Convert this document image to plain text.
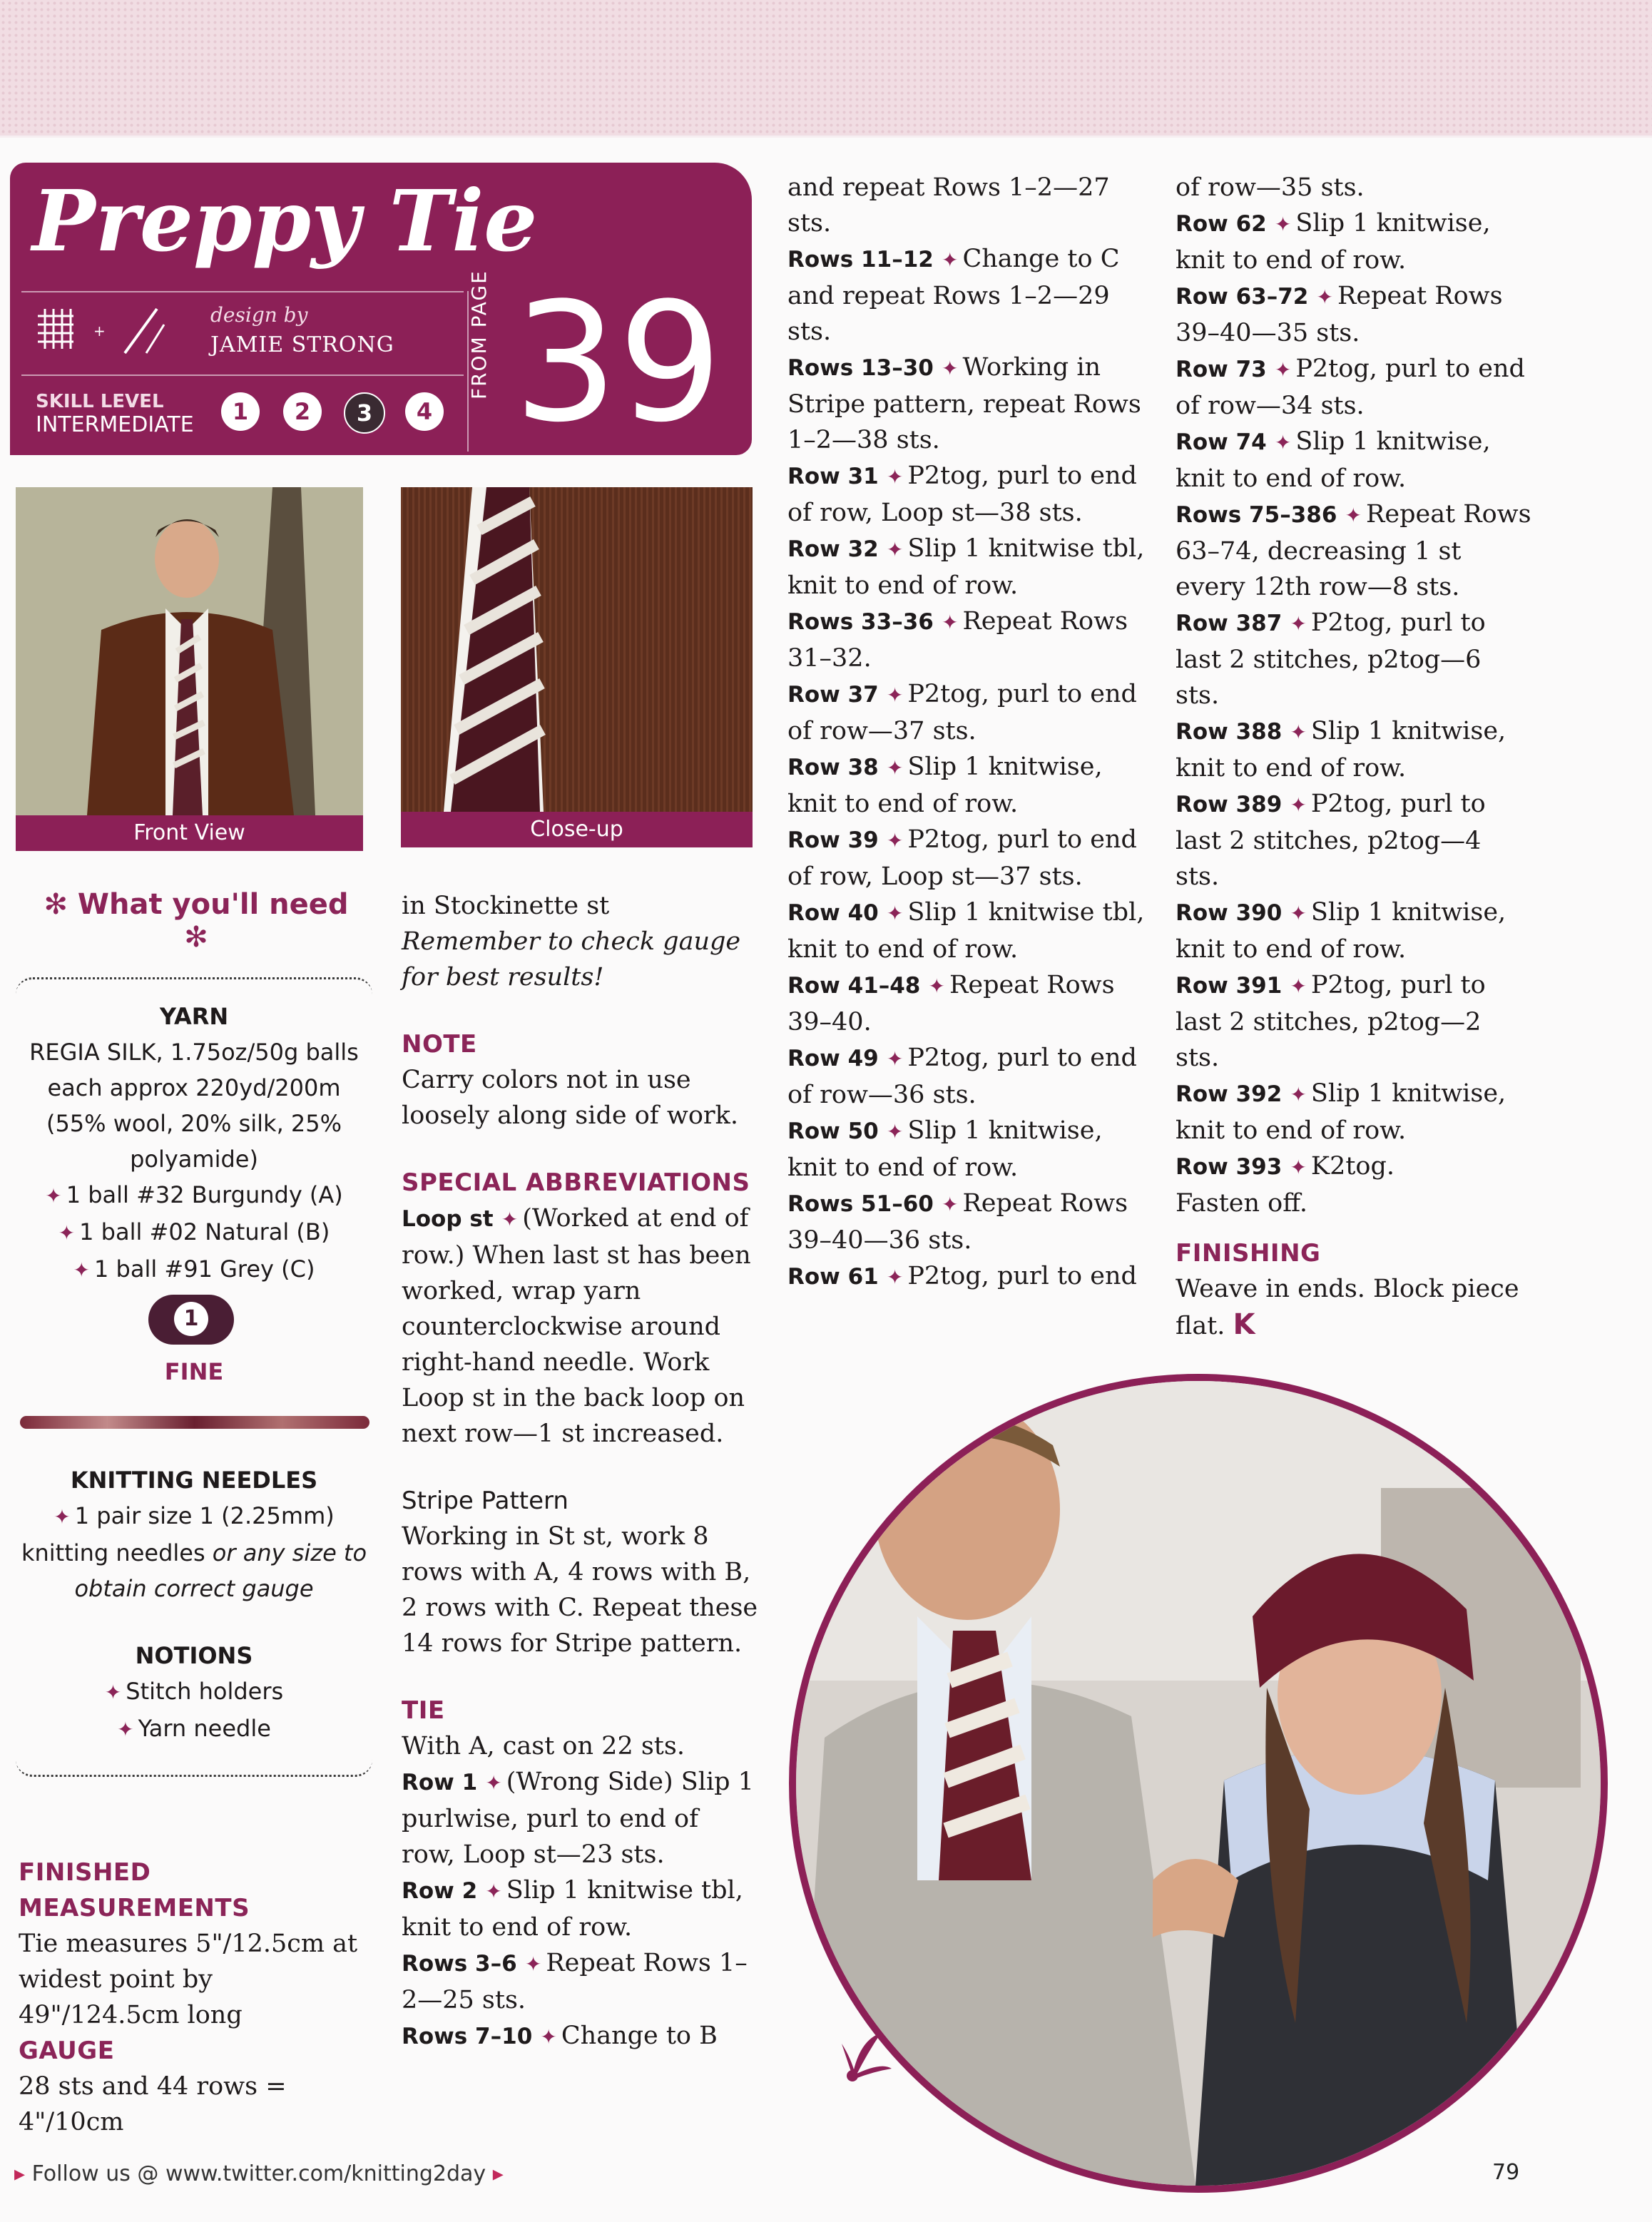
Preppy Tie
+
design by
JAMIE STRONG
SKILL LEVEL
INTERMEDIATE	1	2	3	4
FROM PAGE 39
Front View	Close-up
✻ What you'll need ✻

YARN

REGIA SILK, 1.75oz/50g balls each approx 220yd/200m (55% wool, 20% silk, 25% polyamide)

✦ 1 ball #32 Burgundy (A)

✦ 1 ball #02 Natural (B)

✦ 1 ball #91 Grey (C)

1
FINE

KNITTING NEEDLES

✦ 1 pair size 1 (2.25mm)

knitting needles or any size to obtain correct gauge

NOTIONS

✦ Stitch holders

✦ Yarn needle

FINISHED MEASUREMENTS

Tie measures 5"/12.5cm at widest point by 49"/124.5cm long

GAUGE

28 sts and 44 rows = 4"/10cm

in Stockinette st

Remember to check gauge for best results!

NOTE

Carry colors not in use loosely along side of work.

SPECIAL ABBREVIATIONS

Loop st ✦ (Worked at end of row.) When last st has been worked, wrap yarn counterclockwise around right-hand needle. Work Loop st in the back loop on next row—1 st increased.

Stripe Pattern

Working in St st, work 8 rows with A, 4 rows with B, 2 rows with C. Repeat these 14 rows for Stripe pattern.

TIE

With A, cast on 22 sts.

Row 1 ✦ (Wrong Side) Slip 1 purlwise, purl to end of row, Loop st—23 sts.

Row 2 ✦ Slip 1 knitwise tbl, knit to end of row.

Rows 3–6 ✦ Repeat Rows 1–2—25 sts.

Rows 7–10 ✦ Change to B

and repeat Rows 1–2—27 sts.

Rows 11–12 ✦ Change to C and repeat Rows 1–2—29 sts.

Rows 13–30 ✦ Working in Stripe pattern, repeat Rows 1–2—38 sts.

Row 31 ✦ P2tog, purl to end of row, Loop st—38 sts.

Row 32 ✦ Slip 1 knitwise tbl, knit to end of row.

Rows 33–36 ✦ Repeat Rows 31–32.

Row 37 ✦ P2tog, purl to end of row—37 sts.

Row 38 ✦ Slip 1 knitwise, knit to end of row.

Row 39 ✦ P2tog, purl to end of row, Loop st—37 sts.

Row 40 ✦ Slip 1 knitwise tbl, knit to end of row.

Row 41–48 ✦ Repeat Rows 39–40.

Row 49 ✦ P2tog, purl to end of row—36 sts.

Row 50 ✦ Slip 1 knitwise, knit to end of row.

Rows 51–60 ✦ Repeat Rows 39–40—36 sts.

Row 61 ✦ P2tog, purl to end

of row—35 sts.

Row 62 ✦ Slip 1 knitwise, knit to end of row.

Row 63–72 ✦ Repeat Rows 39–40—35 sts.

Row 73 ✦ P2tog, purl to end of row—34 sts.

Row 74 ✦ Slip 1 knitwise, knit to end of row.

Rows 75–386 ✦ Repeat Rows 63–74, decreasing 1 st every 12th row—8 sts.

Row 387 ✦ P2tog, purl to last 2 stitches, p2tog—6 sts.

Row 388 ✦ Slip 1 knitwise, knit to end of row.

Row 389 ✦ P2tog, purl to last 2 stitches, p2tog—4 sts.

Row 390 ✦ Slip 1 knitwise, knit to end of row.

Row 391 ✦ P2tog, purl to last 2 stitches, p2tog—2 sts.

Row 392 ✦ Slip 1 knitwise, knit to end of row.

Row 393 ✦ K2tog.

Fasten off.

FINISHING

Weave in ends. Block piece flat. K

▸ Follow us @ www.twitter.com/knitting2day ▸	79
